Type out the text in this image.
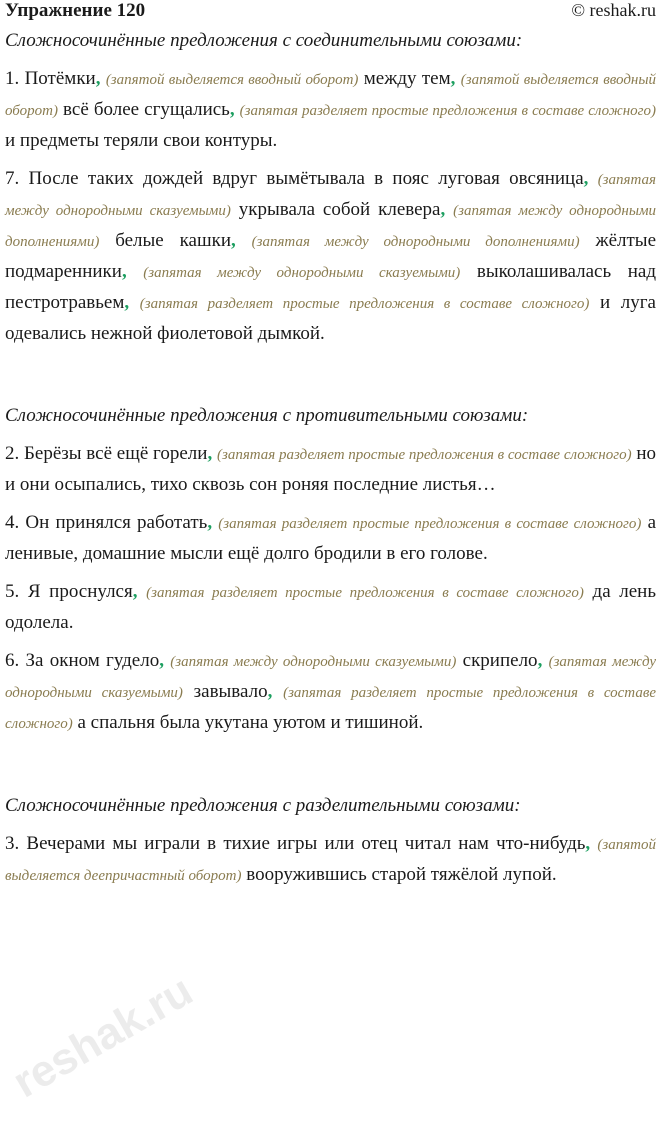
Упражнение 120	© reshak.ru

Сложносочинённые предложения с соединительными союзами:

1. Потёмки, (запятой выделяется вводный оборот) между тем, (запятой выделяется вводный оборот) всё более сгущались, (запятая разделяет простые предложения в составе сложного) и предметы теряли свои контуры.

7. После таких дождей вдруг вымётывала в пояс луговая овсяница, (запятая между однородными сказуемыми) укрывала собой клевера, (запятая между однородными дополнениями) белые кашки, (запятая между однородными дополнениями) жёлтые подмаренники, (запятая между однородными сказуемыми) выколашивалась над пестротравьем, (запятая разделяет простые предложения в составе сложного) и луга одевались нежной фиолетовой дымкой.

Сложносочинённые предложения с противительными союзами:

2. Берёзы всё ещё горели, (запятая разделяет простые предложения в составе сложного) но и они осыпались, тихо сквозь сон роняя последние листья…

4. Он принялся работать, (запятая разделяет простые предложения в составе сложного) а ленивые, домашние мысли ещё долго бродили в его голове.

5. Я проснулся, (запятая разделяет простые предложения в составе сложного) да лень одолела.

6. За окном гудело, (запятая между однородными сказуемыми) скрипело, (запятая между однородными сказуемыми) завывало, (запятая разделяет простые предложения в составе сложного) а спальня была укутана уютом и тишиной.

Сложносочинённые предложения с разделительными союзами:

3. Вечерами мы играли в тихие игры или отец читал нам что-нибудь, (запятой выделяется деепричастный оборот) вооружившись старой тяжёлой лупой.

reshak.ru
